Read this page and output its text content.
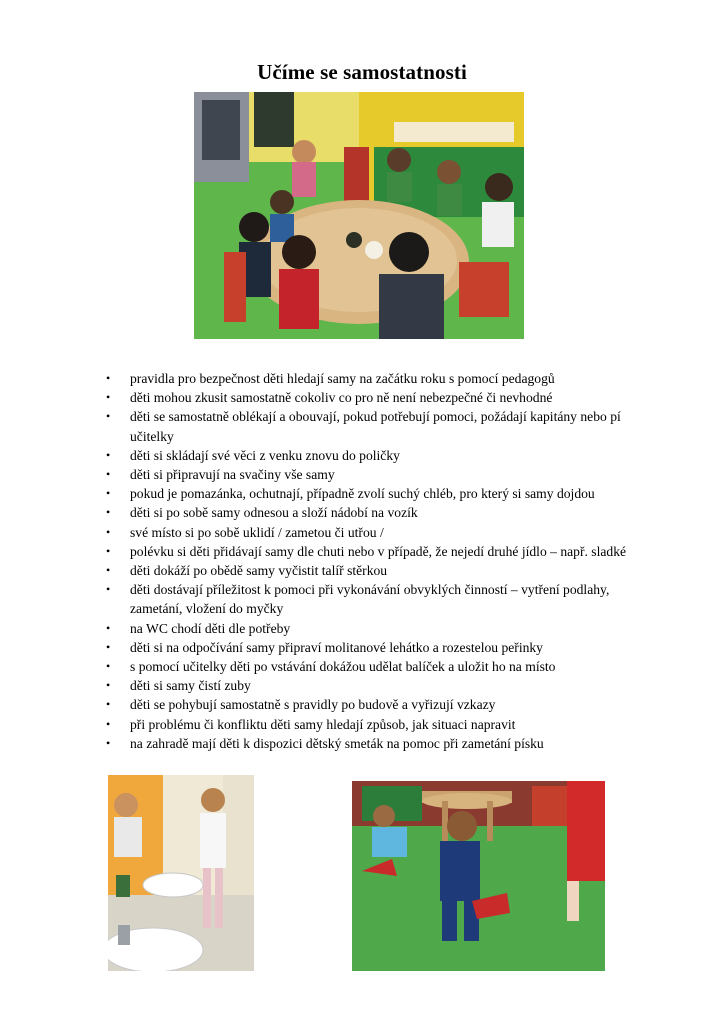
Učíme se samostatnosti
•	pravidla pro bezpečnost děti hledají samy na začátku roku s pomocí pedagogů
•	děti mohou zkusit samostatně cokoliv co pro ně není nebezpečné či nevhodné
•	děti se samostatně oblékají a obouvají, pokud potřebují pomoci, požádají kapitány nebo pí učitelky
•	děti si skládají své věci z venku znovu do poličky
•	děti si připravují na svačiny vše samy
•	pokud je pomazánka, ochutnají, případně zvolí suchý chléb, pro který si samy dojdou
•	děti si po sobě samy odnesou a složí nádobí na vozík
•	své místo si po sobě uklidí / zametou či utřou /
•	polévku si děti přidávají samy dle chuti nebo v případě, že nejedí druhé jídlo – např. sladké
•	děti dokáží po obědě samy vyčistit talíř stěrkou
•	děti dostávají příležitost k pomoci při vykonávání obvyklých činností – vytření podlahy, zametání, vložení do myčky
•	na WC chodí děti dle potřeby
•	děti si na odpočívání samy připraví molitanové lehátko a rozestelou peřinky
•	s pomocí učitelky děti po vstávání dokážou udělat balíček a uložit ho na místo
•	děti si samy čistí zuby
•	děti se pohybují samostatně s pravidly po budově a vyřizují vzkazy
•	při problému či konfliktu děti samy hledají způsob, jak situaci napravit
•	na zahradě mají děti k dispozici dětský smeták na pomoc při zametání písku
